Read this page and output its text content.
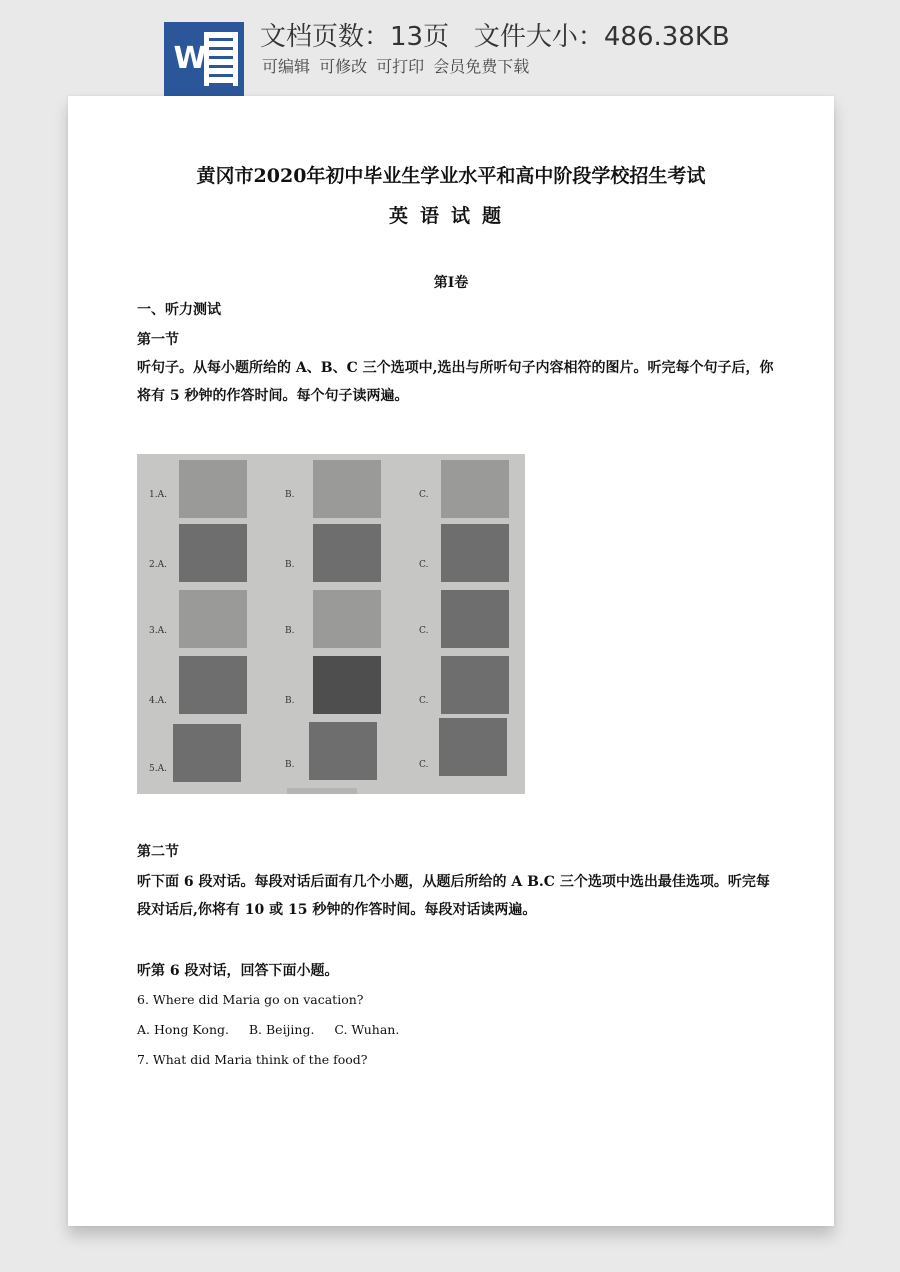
W

文档页数：13页   文件大小：486.38KB

可编辑 可修改 可打印 会员免费下载

黄冈市2020年初中毕业生学业水平和高中阶段学校招生考试
英语试题

第I卷

一、听力测试

第一节

听句子。从每小题所给的 A、B、C 三个选项中,选出与所听句子内容相符的图片。听完每个句子后，你将有 5 秒钟的作答时间。每个句子读两遍。

1.A.	B.	C.
2.A.	B.	C.
3.A.	B.	C.
4.A.	B.	C.
5.A.	B.	C.

第二节

听下面 6 段对话。每段对话后面有几个小题，从题后所给的 A B.C 三个选项中选出最佳选项。听完每段对话后,你将有 10 或 15 秒钟的作答时间。每段对话读两遍。

听第 6 段对话，回答下面小题。

6. Where did Maria go on vacation?

A. Hong Kong.     B. Beijing.     C. Wuhan.

7. What did Maria think of the food?
